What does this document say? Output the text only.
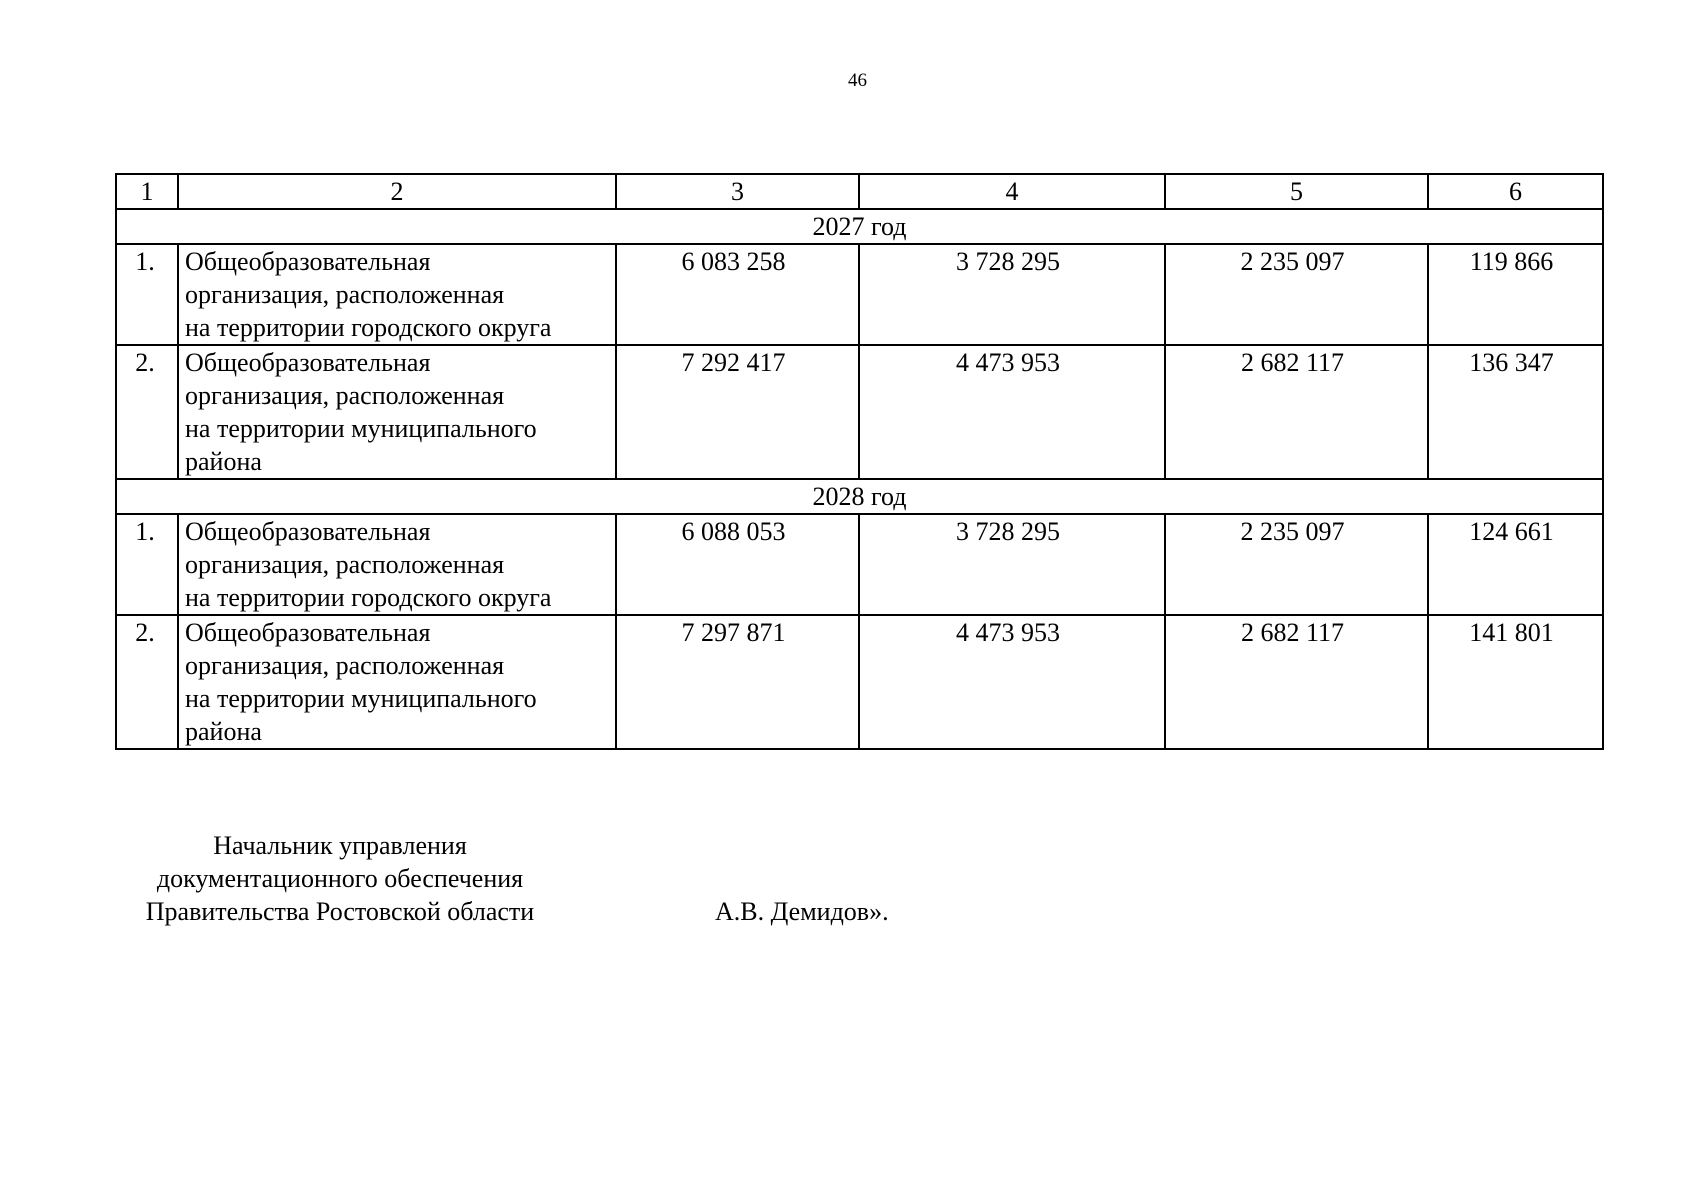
46
1	2	3	4	5	6
2027 год					
1.	Общеобразовательная
организация, расположенная
на территории городского округа	6 083 258	3 728 295	2 235 097	119 866
2.	Общеобразовательная
организация, расположенная
на территории муниципального
района	7 292 417	4 473 953	2 682 117	136 347
2028 год					
1.	Общеобразовательная
организация, расположенная
на территории городского округа	6 088 053	3 728 295	2 235 097	124 661
2.	Общеобразовательная
организация, расположенная
на территории муниципального
района	7 297 871	4 473 953	2 682 117	141 801
Начальник управления
документационного обеспечения
Правительства Ростовской области	А.В. Демидов».
